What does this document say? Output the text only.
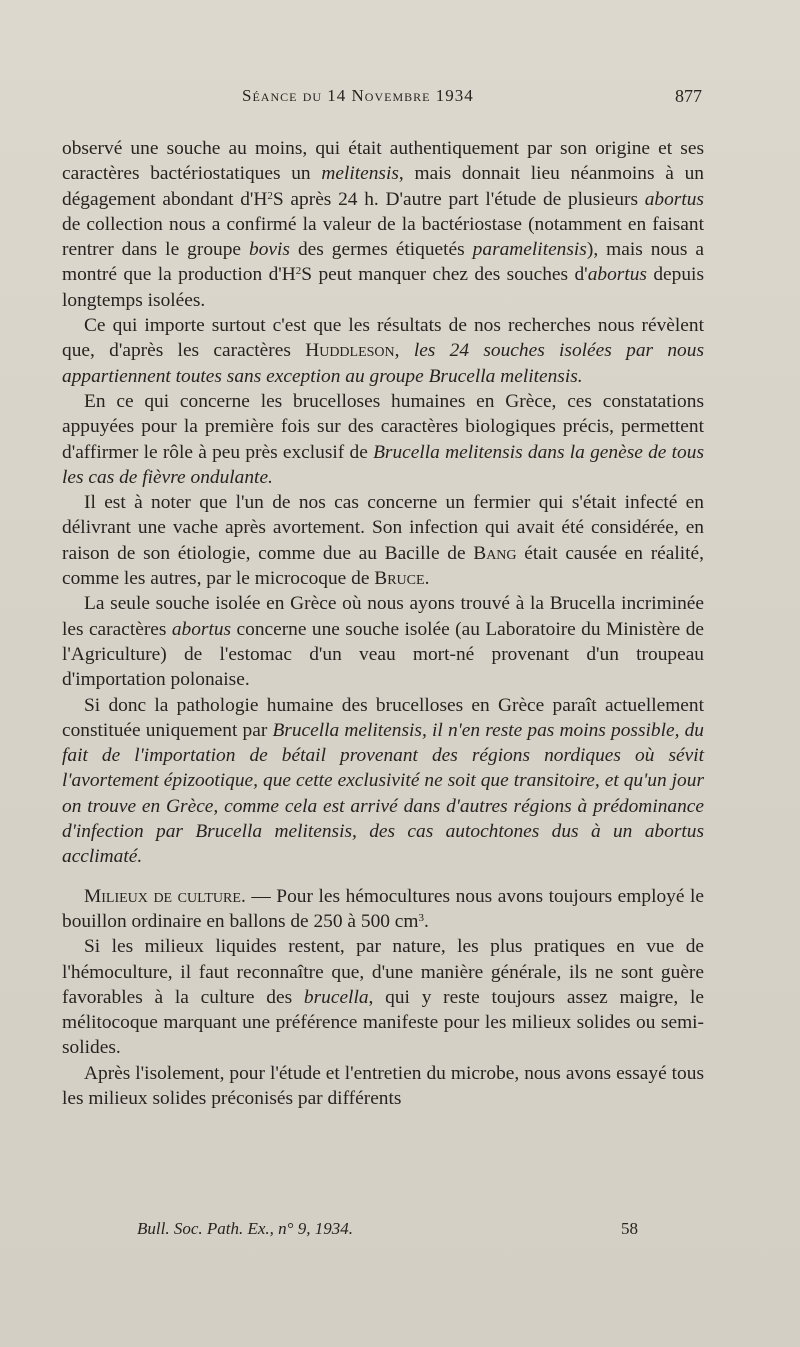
Séance du 14 Novembre 1934	877

observé une souche au moins, qui était authentiquement par son origine et ses caractères bactériostatiques un melitensis, mais donnait lieu néanmoins à un dégagement abondant $d'H^2S$ après 24 h. D'autre part l'étude de plusieurs abortus de collection nous a confirmé la valeur de la bactériostase (notamment en faisant rentrer dans le groupe bovis des germes étiquetés paramelitensis), mais nous a montré que la production $d'H^2S$ peut manquer chez des souches d'abortus depuis longtemps isolées.

Ce qui importe surtout c'est que les résultats de nos recherches nous révèlent que, d'après les caractères Huddleson, les 24 souches isolées par nous appartiennent toutes sans exception au groupe Brucella melitensis.

En ce qui concerne les brucelloses humaines en Grèce, ces constatations appuyées pour la première fois sur des caractères biologiques précis, permettent d'affirmer le rôle à peu près exclusif de Brucella melitensis dans la genèse de tous les cas de fièvre ondulante.

Il est à noter que l'un de nos cas concerne un fermier qui s'était infecté en délivrant une vache après avortement. Son infection qui avait été considérée, en raison de son étiologie, comme due au Bacille de Bang était causée en réalité, comme les autres, par le microcoque de Bruce.

La seule souche isolée en Grèce où nous ayons trouvé à la Brucella incriminée les caractères abortus concerne une souche isolée (au Laboratoire du Ministère de l'Agriculture) de l'estomac d'un veau mort-né provenant d'un troupeau d'importation polonaise.

Si donc la pathologie humaine des brucelloses en Grèce paraît actuellement constituée uniquement par Brucella melitensis, il n'en reste pas moins possible, du fait de l'importation de bétail provenant des régions nordiques où sévit l'avortement épizootique, que cette exclusivité ne soit que transitoire, et qu'un jour on trouve en Grèce, comme cela est arrivé dans d'autres régions à prédominance d'infection par Brucella melitensis, des cas autochtones dus à un abortus acclimaté.

Milieux de culture. — Pour les hémocultures nous avons toujours employé le bouillon ordinaire en ballons de 250 à 500 $cm^3$.

Si les milieux liquides restent, par nature, les plus pratiques en vue de l'hémoculture, il faut reconnaître que, d'une manière générale, ils ne sont guère favorables à la culture des brucella, qui y reste toujours assez maigre, le mélitocoque marquant une préférence manifeste pour les milieux solides ou semi-solides.

Après l'isolement, pour l'étude et l'entretien du microbe, nous avons essayé tous les milieux solides préconisés par différents

Bull. Soc. Path. Ex., n° 9, 1934.	58
